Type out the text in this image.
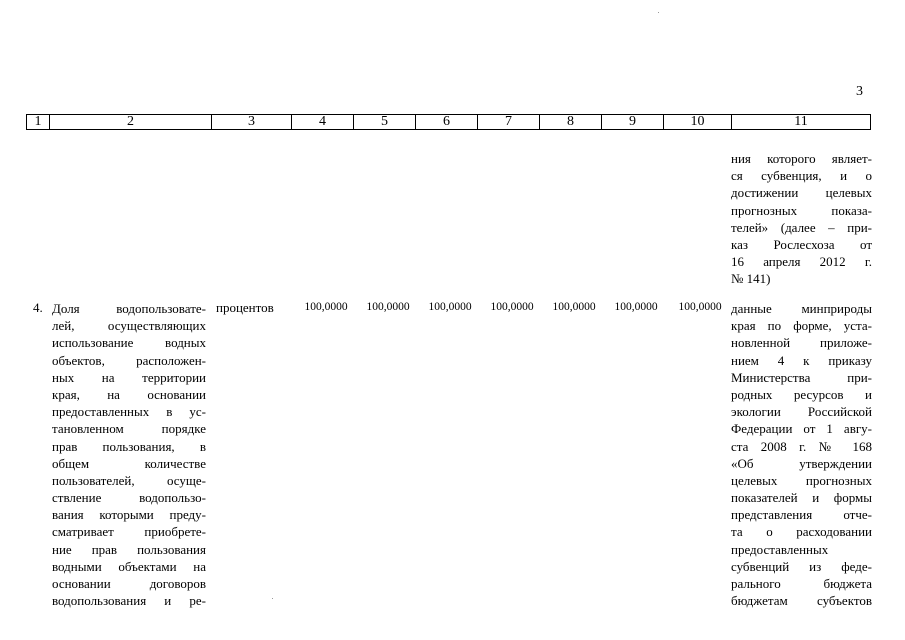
3
1	2	3	4	5	6	7	8	9	10	11
ния которого являет-
ся субвенция, и о
достижении целевых
прогнозных показа-
телей» (далее – при-
каз Рослесхоза от
16 апреля 2012 г.
№ 141)
4. Доля водопользовате-
лей, осуществляющих
использование водных
объектов, расположен-
ных на территории
края, на основании
предоставленных в ус-
тановленном порядке
прав пользования, в
общем количестве
пользователей, осуще-
ствление водопользо-
вания которыми преду-
сматривает приобрете-
ние прав пользования
водными объектами на
основании договоров
водопользования и ре-
процентов	100,0000	100,0000	100,0000	100,0000	100,0000	100,0000	100,0000 данные минприроды
края по форме, уста-
новленной приложе-
нием 4 к приказу
Министерства при-
родных ресурсов и
экологии Российской
Федерации от 1 авгу-
ста 2008 г. № 168
«Об утверждении
целевых прогнозных
показателей и формы
представления отче-
та о расходовании
предоставленных
субвенций из феде-
рального бюджета
бюджетам субъектов
